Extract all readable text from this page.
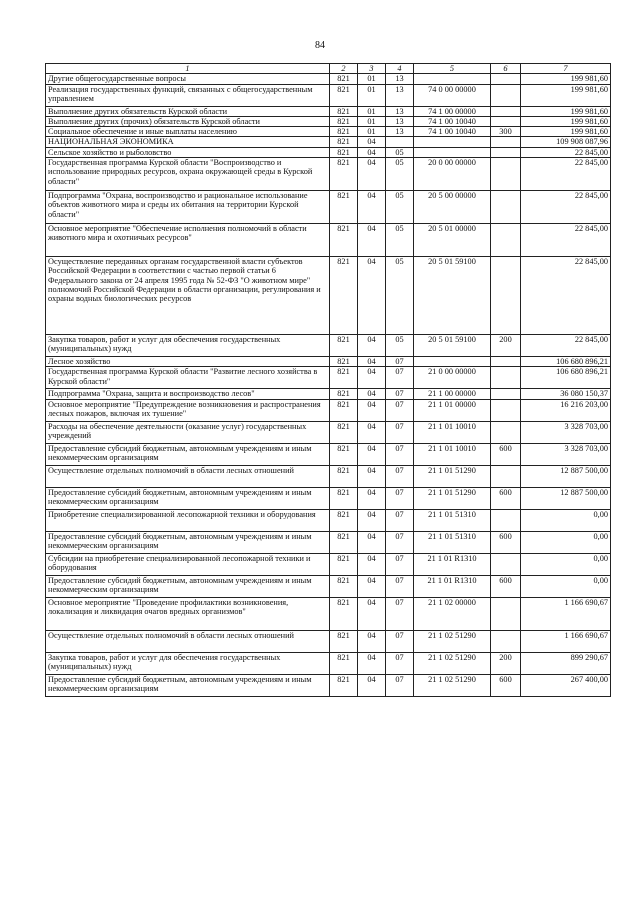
84
1	2	3	4	5	6	7
Другие общегосударственные вопросы	821	01	13			199 981,60
Реализация государственных функций, связанных с общегосударственным управлением	821	01	13	74 0 00 00000		199 981,60
Выполнение других обязательств Курской области	821	01	13	74 1 00 00000		199 981,60
Выполнение других (прочих) обязательств Курской области	821	01	13	74 1 00 10040		199 981,60
Социальное обеспечение и иные выплаты населению	821	01	13	74 1 00 10040	300	199 981,60
НАЦИОНАЛЬНАЯ ЭКОНОМИКА	821	04				109 908 087,96
Сельское хозяйство и рыболовство	821	04	05			22 845,00
Государственная программа Курской области "Воспроизводство и использование природных ресурсов, охрана окружающей среды в Курской области"	821	04	05	20 0 00 00000		22 845,00
Подпрограмма "Охрана, воспроизводство и рациональное использование объектов животного мира и среды их обитания на территории Курской области"	821	04	05	20 5 00 00000		22 845,00
Основное мероприятие "Обеспечение исполнения полномочий в области животного мира и охотничьих ресурсов"	821	04	05	20 5 01 00000		22 845,00
Осуществление переданных органам государственной власти субъектов Российской Федерации в соответствии с частью первой статьи 6 Федерального закона от 24 апреля 1995 года № 52-ФЗ "О животном мире" полномочий Российской Федерации в области организации, регулирования и охраны водных биологических ресурсов	821	04	05	20 5 01 59100		22 845,00
Закупка товаров, работ и услуг для обеспечения государственных (муниципальных) нужд	821	04	05	20 5 01 59100	200	22 845,00
Лесное хозяйство	821	04	07			106 680 896,21
Государственная программа Курской области "Развитие лесного хозяйства в Курской области"	821	04	07	21 0 00 00000		106 680 896,21
Подпрограмма "Охрана, защита и воспроизводство лесов"	821	04	07	21 1 00 00000		36 080 150,37
Основное мероприятие "Предупреждение возникновения и распространения лесных пожаров, включая их тушение"	821	04	07	21 1 01 00000		16 216 203,00
Расходы на обеспечение деятельности (оказание услуг) государственных учреждений	821	04	07	21 1 01 10010		3 328 703,00
Предоставление субсидий бюджетным, автономным учреждениям и иным некоммерческим организациям	821	04	07	21 1 01 10010	600	3 328 703,00
Осуществление отдельных полномочий в области лесных отношений	821	04	07	21 1 01 51290		12 887 500,00
Предоставление субсидий бюджетным, автономным учреждениям и иным некоммерческим организациям	821	04	07	21 1 01 51290	600	12 887 500,00
Приобретение специализированной лесопожарной техники и оборудования	821	04	07	21 1 01 51310		0,00
Предоставление субсидий бюджетным, автономным учреждениям и иным некоммерческим организациям	821	04	07	21 1 01 51310	600	0,00
Субсидии на приобретение специализированной лесопожарной техники и оборудования	821	04	07	21 1 01 R1310		0,00
Предоставление субсидий бюджетным, автономным учреждениям и иным некоммерческим организациям	821	04	07	21 1 01 R1310	600	0,00
Основное мероприятие "Проведение профилактики возникновения, локализация и ликвидация очагов вредных организмов"	821	04	07	21 1 02 00000		1 166 690,67
Осуществление отдельных полномочий в области лесных отношений	821	04	07	21 1 02 51290		1 166 690,67
Закупка товаров, работ и услуг для обеспечения государственных (муниципальных) нужд	821	04	07	21 1 02 51290	200	899 290,67
Предоставление субсидий бюджетным, автономным учреждениям и иным некоммерческим организациям	821	04	07	21 1 02 51290	600	267 400,00
